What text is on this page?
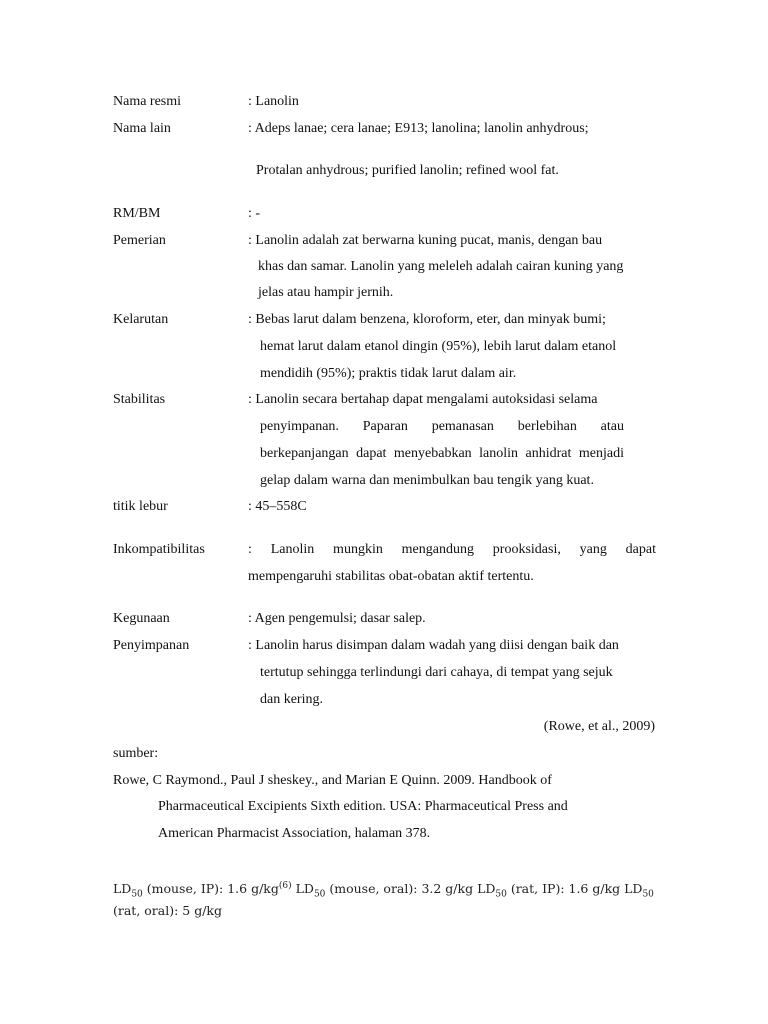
Nama resmi	: Lanolin
Nama lain	: Adeps lanae; cera lanae; E913; lanolina; lanolin anhydrous;
Protalan anhydrous; purified lanolin; refined wool fat.
RM/BM	: -
Pemerian	: Lanolin adalah zat berwarna kuning pucat, manis, dengan bau
khas dan samar. Lanolin yang meleleh adalah cairan kuning yang
jelas atau hampir jernih.
Kelarutan	: Bebas larut dalam benzena, kloroform, eter, dan minyak bumi;
hemat larut dalam etanol dingin (95%), lebih larut dalam etanol
mendidih (95%); praktis tidak larut dalam air.
Stabilitas	: Lanolin secara bertahap dapat mengalami autoksidasi selama
penyimpanan. Paparan pemanasan berlebihan atau
berkepanjangan dapat menyebabkan lanolin anhidrat menjadi
gelap dalam warna dan menimbulkan bau tengik yang kuat.
titik lebur	: 45–558C
Inkompatibilitas	: Lanolin mungkin mengandung prooksidasi, yang dapat
mempengaruhi stabilitas obat-obatan aktif tertentu.
Kegunaan	: Agen pengemulsi; dasar salep.
Penyimpanan	: Lanolin harus disimpan dalam wadah yang diisi dengan baik dan
tertutup sehingga terlindungi dari cahaya, di tempat yang sejuk
dan kering.
(Rowe, et al., 2009)
sumber:
Rowe, C Raymond., Paul J sheskey., and Marian E Quinn. 2009. Handbook of
Pharmaceutical Excipients Sixth edition. USA: Pharmaceutical Press and
American Pharmacist Association, halaman 378.
$LD_{50}$ (mouse, IP): 1.6 $g/kg^{(6)}$ $LD_{50}$ (mouse, oral): 3.2 g/kg $LD_{50}$ (rat, IP): 1.6 g/kg $LD_{50}$
(rat, oral): 5 g/kg
